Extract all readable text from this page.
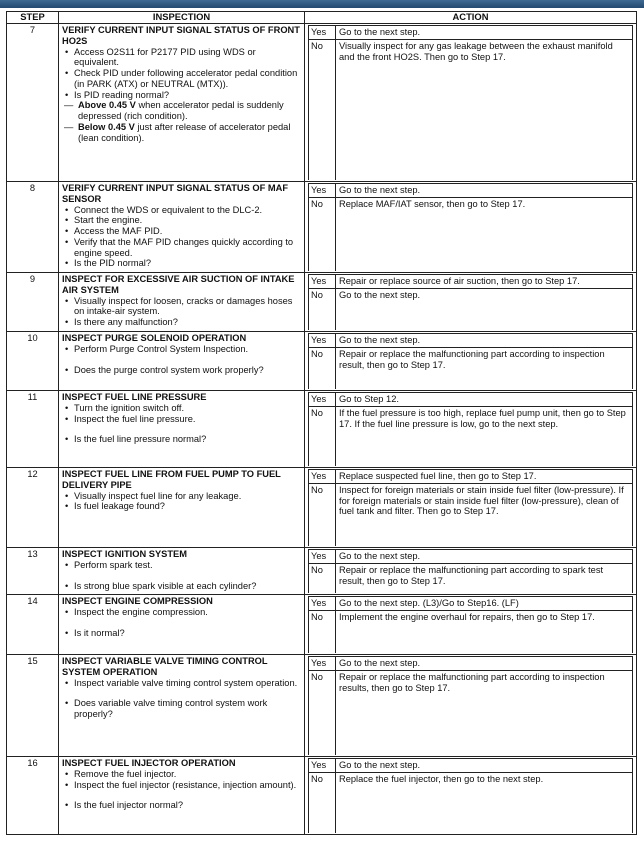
STEP	INSPECTION	ACTION
7	VERIFY CURRENT INPUT SIGNAL STATUS OF FRONT HO2S
• Access O2S11 for P2177 PID using WDS or equivalent.
• Check PID under following accelerator pedal condition (in PARK (ATX) or NEUTRAL (MTX)).
• Is PID reading normal?
— Above 0.45 V when accelerator pedal is suddenly depressed (rich condition).
— Below 0.45 V just after release of accelerator pedal (lean condition).

Yes	Go to the next step.
No	Visually inspect for any gas leakage between the exhaust manifold and the front HO2S. Then go to Step 17.

8	VERIFY CURRENT INPUT SIGNAL STATUS OF MAF SENSOR
• Connect the WDS or equivalent to the DLC-2.
• Start the engine.
• Access the MAF PID.
• Verify that the MAF PID changes quickly according to engine speed.
• Is the PID normal?

Yes	Go to the next step.
No	Replace MAF/IAT sensor, then go to Step 17.

9	INSPECT FOR EXCESSIVE AIR SUCTION OF INTAKE AIR SYSTEM
• Visually inspect for loosen, cracks or damages hoses on intake-air system.
• Is there any malfunction?

Yes	Repair or replace source of air suction, then go to Step 17.
No	Go to the next step.

10	INSPECT PURGE SOLENOID OPERATION
• Perform Purge Control System Inspection.
• Does the purge control system work properly?

Yes	Go to the next step.
No	Repair or replace the malfunctioning part according to inspection result, then go to Step 17.

11	INSPECT FUEL LINE PRESSURE
• Turn the ignition switch off.
• Inspect the fuel line pressure.
• Is the fuel line pressure normal?

Yes	Go to Step 12.
No	If the fuel pressure is too high, replace fuel pump unit, then go to Step 17. If the fuel line pressure is low, go to the next step.

12	INSPECT FUEL LINE FROM FUEL PUMP TO FUEL DELIVERY PIPE
• Visually inspect fuel line for any leakage.
• Is fuel leakage found?

Yes	Replace suspected fuel line, then go to Step 17.
No	Inspect for foreign materials or stain inside fuel filter (low-pressure). If for foreign materials or stain inside fuel filter (low-pressure), clean of fuel tank and filter. Then go to Step 17.

13	INSPECT IGNITION SYSTEM
• Perform spark test.
• Is strong blue spark visible at each cylinder?

Yes	Go to the next step.
No	Repair or replace the malfunctioning part according to spark test result, then go to Step 17.

14	INSPECT ENGINE COMPRESSION
• Inspect the engine compression.
• Is it normal?

Yes	Go to the next step. (L3)/Go to Step16. (LF)
No	Implement the engine overhaul for repairs, then go to Step 17.

15	INSPECT VARIABLE VALVE TIMING CONTROL SYSTEM OPERATION
• Inspect variable valve timing control system operation.
• Does variable valve timing control system work properly?

Yes	Go to the next step.
No	Repair or replace the malfunctioning part according to inspection results, then go to Step 17.

16	INSPECT FUEL INJECTOR OPERATION
• Remove the fuel injector.
• Inspect the fuel injector (resistance, injection amount).
• Is the fuel injector normal?

Yes	Go to the next step.
No	Replace the fuel injector, then go to the next step.
